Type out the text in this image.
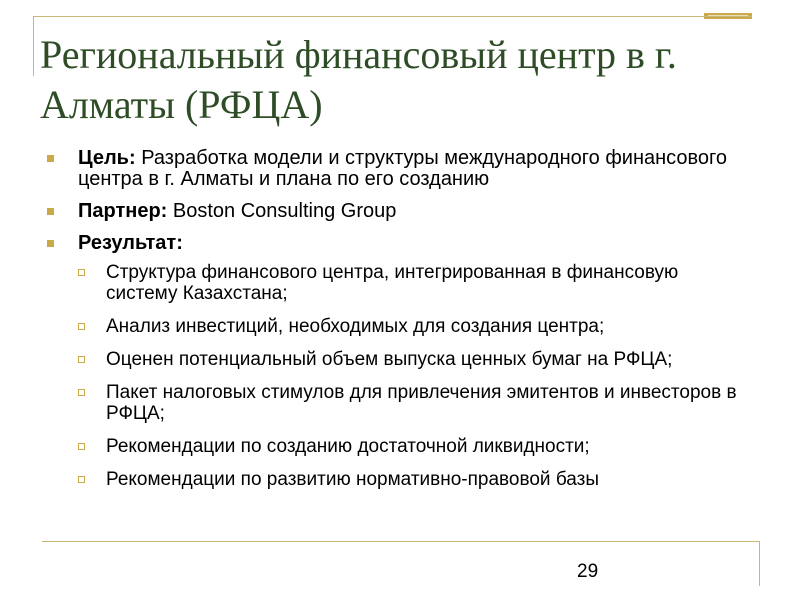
Региональный финансовый центр в г. Алматы (РФЦА)
Цель: Разработка модели и структуры международного финансового центра в г. Алматы и плана по его созданию
Партнер: Boston Consulting Group
Результат:
Структура финансового центра, интегрированная в финансовую систему Казахстана;
Анализ инвестиций, необходимых для создания центра;
Оценен потенциальный объем выпуска ценных бумаг на РФЦА;
Пакет налоговых стимулов для привлечения эмитентов и инвесторов в РФЦА;
Рекомендации по созданию достаточной ликвидности;
Рекомендации по развитию нормативно-правовой базы
29
